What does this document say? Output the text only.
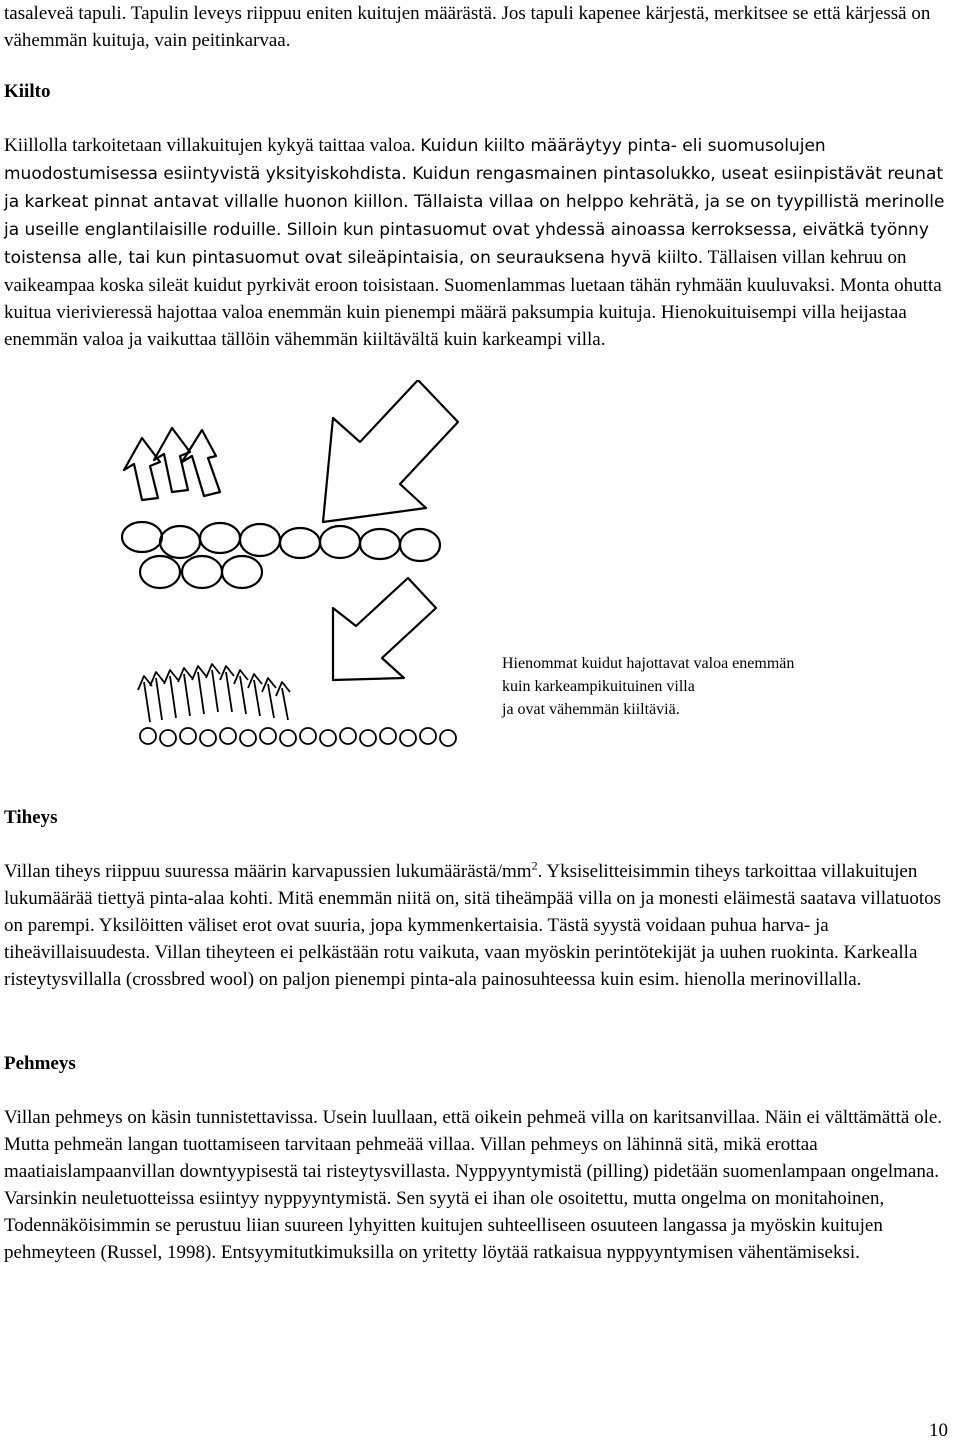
tasaleveä tapuli. Tapulin leveys riippuu eniten kuitujen määrästä. Jos tapuli kapenee kärjestä, merkitsee se että kärjessä on vähemmän kuituja, vain peitinkarvaa.

Kiilto

Kiillolla tarkoitetaan villakuitujen kykyä taittaa valoa. Kuidun kiilto määräytyy pinta- eli suomusolujen muodostumisessa esiintyvistä yksityiskohdista. Kuidun rengasmainen pintasolukko, useat esiinpistävät reunat ja karkeat pinnat antavat villalle huonon kiillon. Tällaista villaa on helppo kehrätä, ja se on tyypillistä merinolle ja useille englantilaisille roduille. Silloin kun pintasuomut ovat yhdessä ainoassa kerroksessa, eivätkä työnny toistensa alle, tai kun pintasuomut ovat sileäpintaisia, on seurauksena hyvä kiilto. Tällaisen villan kehruu on vaikeampaa koska sileät kuidut pyrkivät eroon toisistaan. Suomenlammas luetaan tähän ryhmään kuuluvaksi. Monta ohutta kuitua vierivieressä hajottaa valoa enemmän kuin pienempi määrä paksumpia kuituja. Hienokuituisempi villa heijastaa enemmän valoa ja vaikuttaa tällöin vähemmän kiiltävältä kuin karkeampi villa.

Hienommat kuidut hajottavat valoa enemmän
kuin karkeampikuituinen villa
ja ovat vähemmän kiiltäviä.
Tiheys

Villan tiheys riippuu suuressa määrin karvapussien lukumäärästä/$mm^2$. Yksiselitteisimmin tiheys tarkoittaa villakuitujen lukumäärää tiettyä pinta-alaa kohti. Mitä enemmän niitä on, sitä tiheämpää villa on ja monesti eläimestä saatava villatuotos on parempi. Yksilöitten väliset erot ovat suuria, jopa kymmenkertaisia. Tästä syystä voidaan puhua harva- ja tiheävillaisuudesta. Villan tiheyteen ei pelkästään rotu vaikuta, vaan myöskin perintötekijät ja uuhen ruokinta. Karkealla risteytysvillalla (crossbred wool) on paljon pienempi pinta-ala painosuhteessa kuin esim. hienolla merinovillalla.

Pehmeys

Villan pehmeys on käsin tunnistettavissa. Usein luullaan, että oikein pehmeä villa on karitsanvillaa. Näin ei välttämättä ole. Mutta pehmeän langan tuottamiseen tarvitaan pehmeää villaa. Villan pehmeys on lähinnä sitä, mikä erottaa maatiaislampaanvillan downtyypisestä tai risteytysvillasta. Nyppyyntymistä (pilling) pidetään suomenlampaan ongelmana. Varsinkin neuletuotteissa esiintyy nyppyyntymistä. Sen syytä ei ihan ole osoitettu, mutta ongelma on monitahoinen, Todennäköisimmin se perustuu liian suureen lyhyitten kuitujen suhteelliseen osuuteen langassa ja myöskin kuitujen pehmeyteen (Russel, 1998). Entsyymitutkimuksilla on yritetty löytää ratkaisua nyppyyntymisen vähentämiseksi.

10
